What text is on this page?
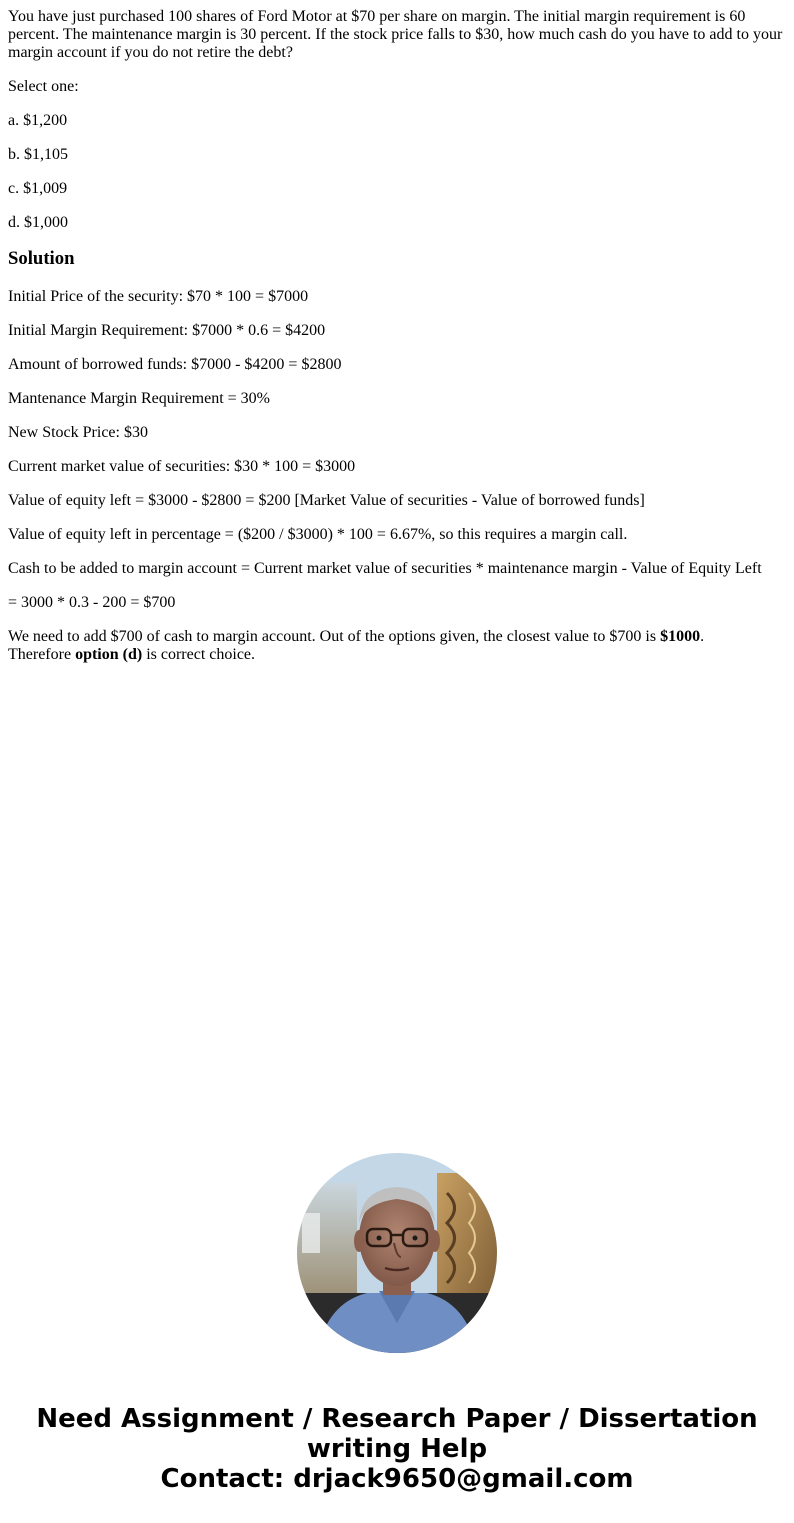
You have just purchased 100 shares of Ford Motor at $70 per share on margin. The initial margin requirement is 60 percent. The maintenance margin is 30 percent. If the stock price falls to $30, how much cash do you have to add to your margin account if you do not retire the debt?

Select one:

a. $1,200

b. $1,105

c. $1,009

d. $1,000

Solution

Initial Price of the security: $70 * 100 = $7000

Initial Margin Requirement: $7000 * 0.6 = $4200

Amount of borrowed funds: $7000 - $4200 = $2800

Mantenance Margin Requirement = 30%

New Stock Price: $30

Current market value of securities: $30 * 100 = $3000

Value of equity left = $3000 - $2800 = $200 [Market Value of securities - Value of borrowed funds]

Value of equity left in percentage = ($200 / $3000) * 100 = 6.67%, so this requires a margin call.

Cash to be added to margin account = Current market value of securities * maintenance margin - Value of Equity Left

= 3000 * 0.3 - 200 = $700

We need to add $700 of cash to margin account. Out of the options given, the closest value to $700 is $1000.
Therefore option (d) is correct choice.

Need Assignment / Research Paper / Dissertation
writing Help
Contact: drjack9650@gmail.com
